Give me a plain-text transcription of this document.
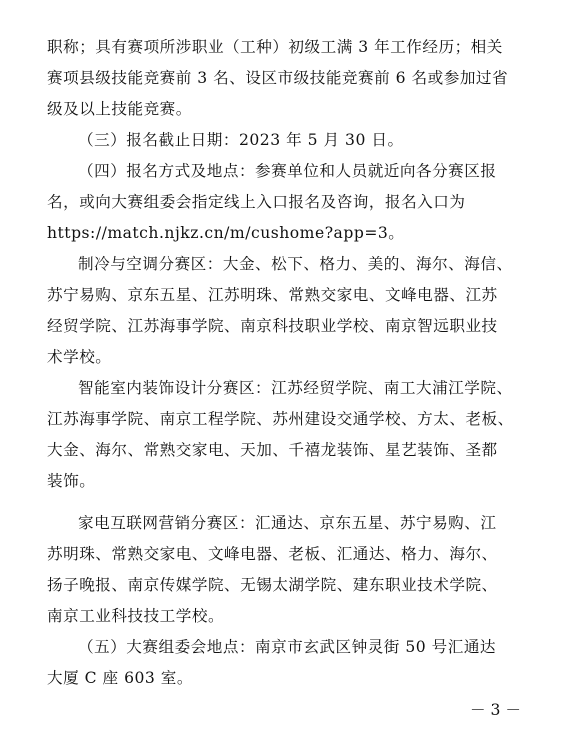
职称；具有赛项所涉职业（工种）初级工满 3 年工作经历；相关
赛项县级技能竞赛前 3 名、设区市级技能竞赛前 6 名或参加过省
级及以上技能竞赛。
（三）报名截止日期：2023 年 5 月 30 日。
（四）报名方式及地点：参赛单位和人员就近向各分赛区报
名，或向大赛组委会指定线上入口报名及咨询，报名入口为
https://match.njkz.cn/m/cushome?app=3。
制冷与空调分赛区：大金、松下、格力、美的、海尔、海信、
苏宁易购、京东五星、江苏明珠、常熟交家电、文峰电器、江苏
经贸学院、江苏海事学院、南京科技职业学校、南京智远职业技
术学校。
智能室内装饰设计分赛区：江苏经贸学院、南工大浦江学院、
江苏海事学院、南京工程学院、苏州建设交通学校、方太、老板、
大金、海尔、常熟交家电、天加、千禧龙装饰、星艺装饰、圣都
装饰。
家电互联网营销分赛区：汇通达、京东五星、苏宁易购、江
苏明珠、常熟交家电、文峰电器、老板、汇通达、格力、海尔、
扬子晚报、南京传媒学院、无锡太湖学院、建东职业技术学院、
南京工业科技技工学校。
（五）大赛组委会地点：南京市玄武区钟灵街 50 号汇通达
大厦 C 座 603 室。
－ 3 －
